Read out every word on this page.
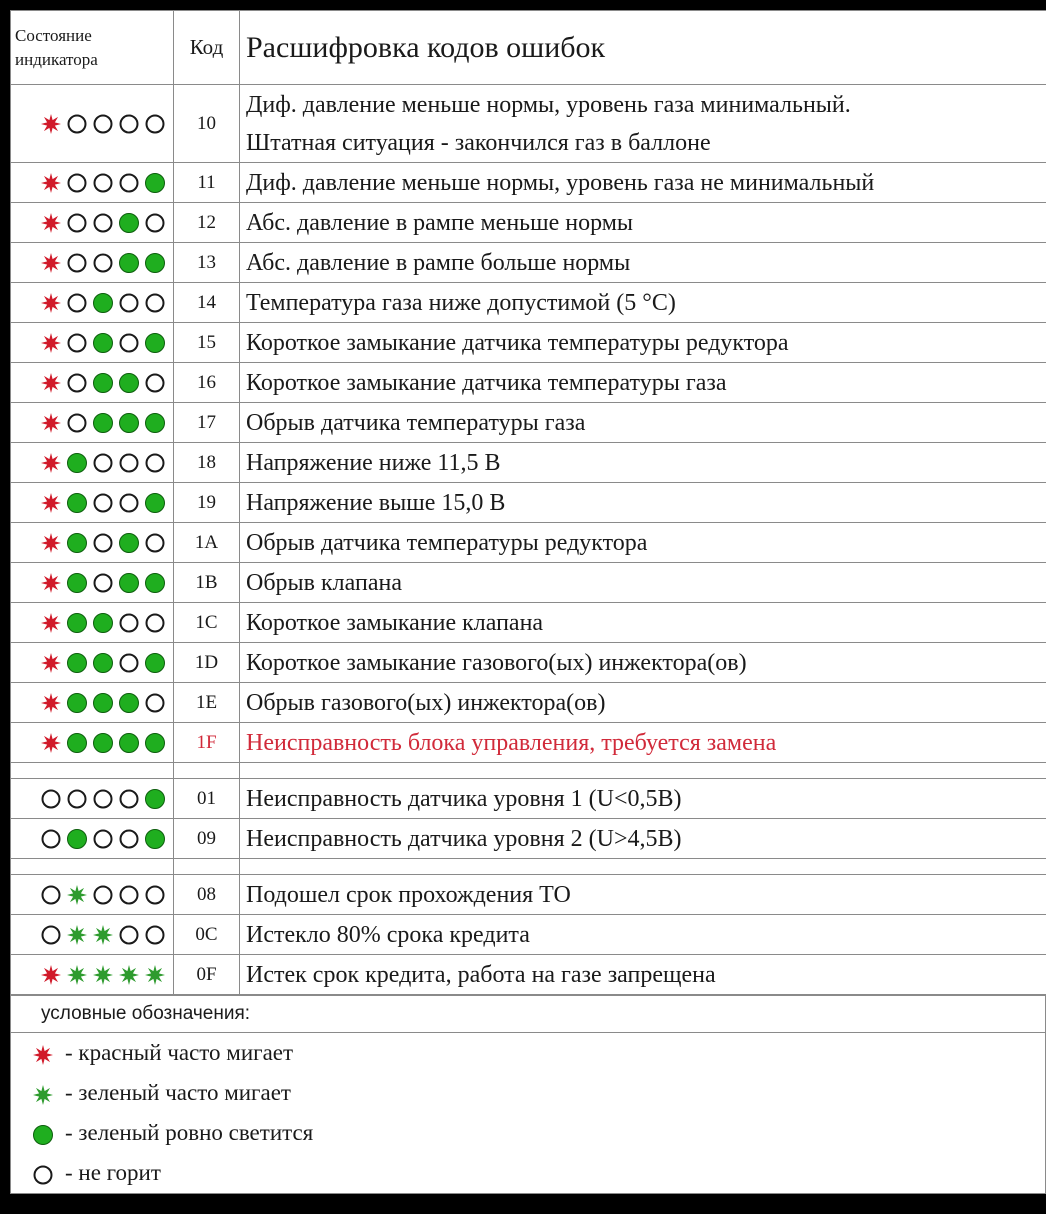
Состояние индикатора	Код	Расшифровка кодов ошибок
	10	Диф. давление меньше нормы, уровень газа минимальный.
Штатная ситуация - закончился газ в баллоне

	11	Диф. давление меньше нормы, уровень газа не минимальный

	12	Абс. давление в рампе меньше нормы

	13	Абс. давление в рампе больше нормы

	14	Температура газа ниже допустимой (5 °С)

	15	Короткое замыкание датчика температуры редуктора

	16	Короткое замыкание датчика температуры газа

	17	Обрыв датчика температуры газа

	18	Напряжение ниже 11,5 В

	19	Напряжение выше 15,0 В

	1A	Обрыв датчика температуры редуктора

	1B	Обрыв клапана

	1C	Короткое замыкание клапана

	1D	Короткое замыкание газового(ых) инжектора(ов)

	1E	Обрыв газового(ых) инжектора(ов)

	1F	Неисправность блока управления, требуется замена

	01	Неисправность датчика уровня 1 (U<0,5В)

	09	Неисправность датчика уровня 2 (U>4,5В)

	08	Подошел срок прохождения ТО

	0C	Истекло 80% срока кредита

	0F	Истек срок кредита, работа на газе запрещена
условные обозначения:

- красный часто мигает
- зеленый часто мигает
- зеленый ровно светится
- не горит
